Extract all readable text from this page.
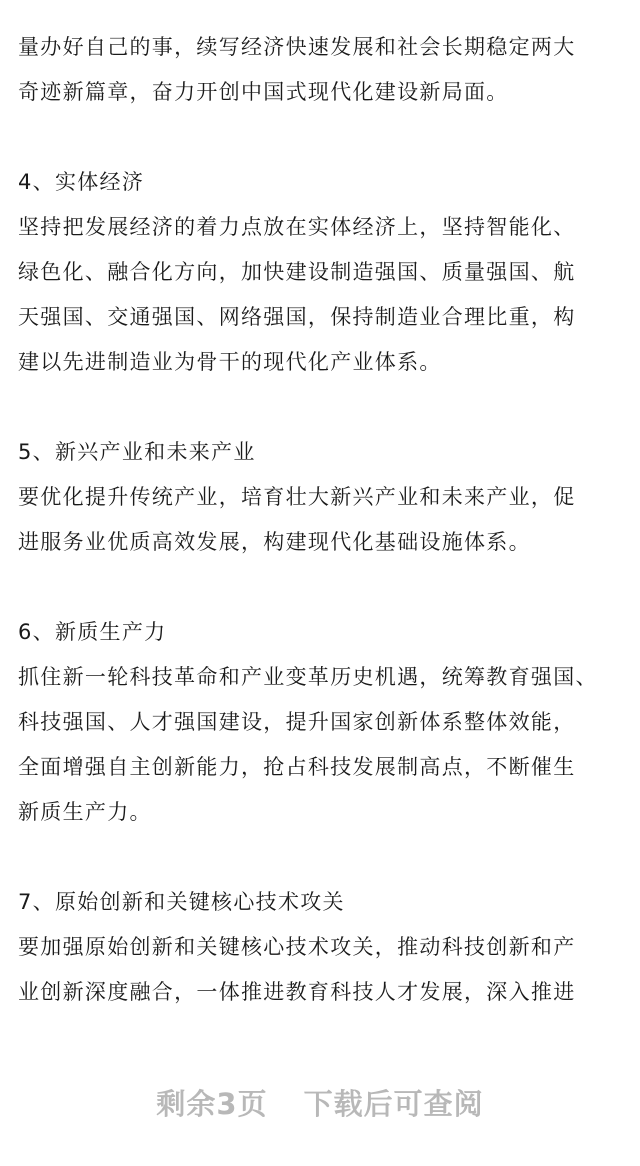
量办好自己的事，续写经济快速发展和社会长期稳定两大
奇迹新篇章，奋力开创中国式现代化建设新局面。
4、实体经济
坚持把发展经济的着力点放在实体经济上，坚持智能化、
绿色化、融合化方向，加快建设制造强国、质量强国、航
天强国、交通强国、网络强国，保持制造业合理比重，构
建以先进制造业为骨干的现代化产业体系。
5、新兴产业和未来产业
要优化提升传统产业，培育壮大新兴产业和未来产业，促
进服务业优质高效发展，构建现代化基础设施体系。
6、新质生产力
抓住新一轮科技革命和产业变革历史机遇，统筹教育强国、
科技强国、人才强国建设，提升国家创新体系整体效能，
全面增强自主创新能力，抢占科技发展制高点，不断催生
新质生产力。
7、原始创新和关键核心技术攻关
要加强原始创新和关键核心技术攻关，推动科技创新和产
业创新深度融合，一体推进教育科技人才发展，深入推进
剩余3页 下载后可查阅
